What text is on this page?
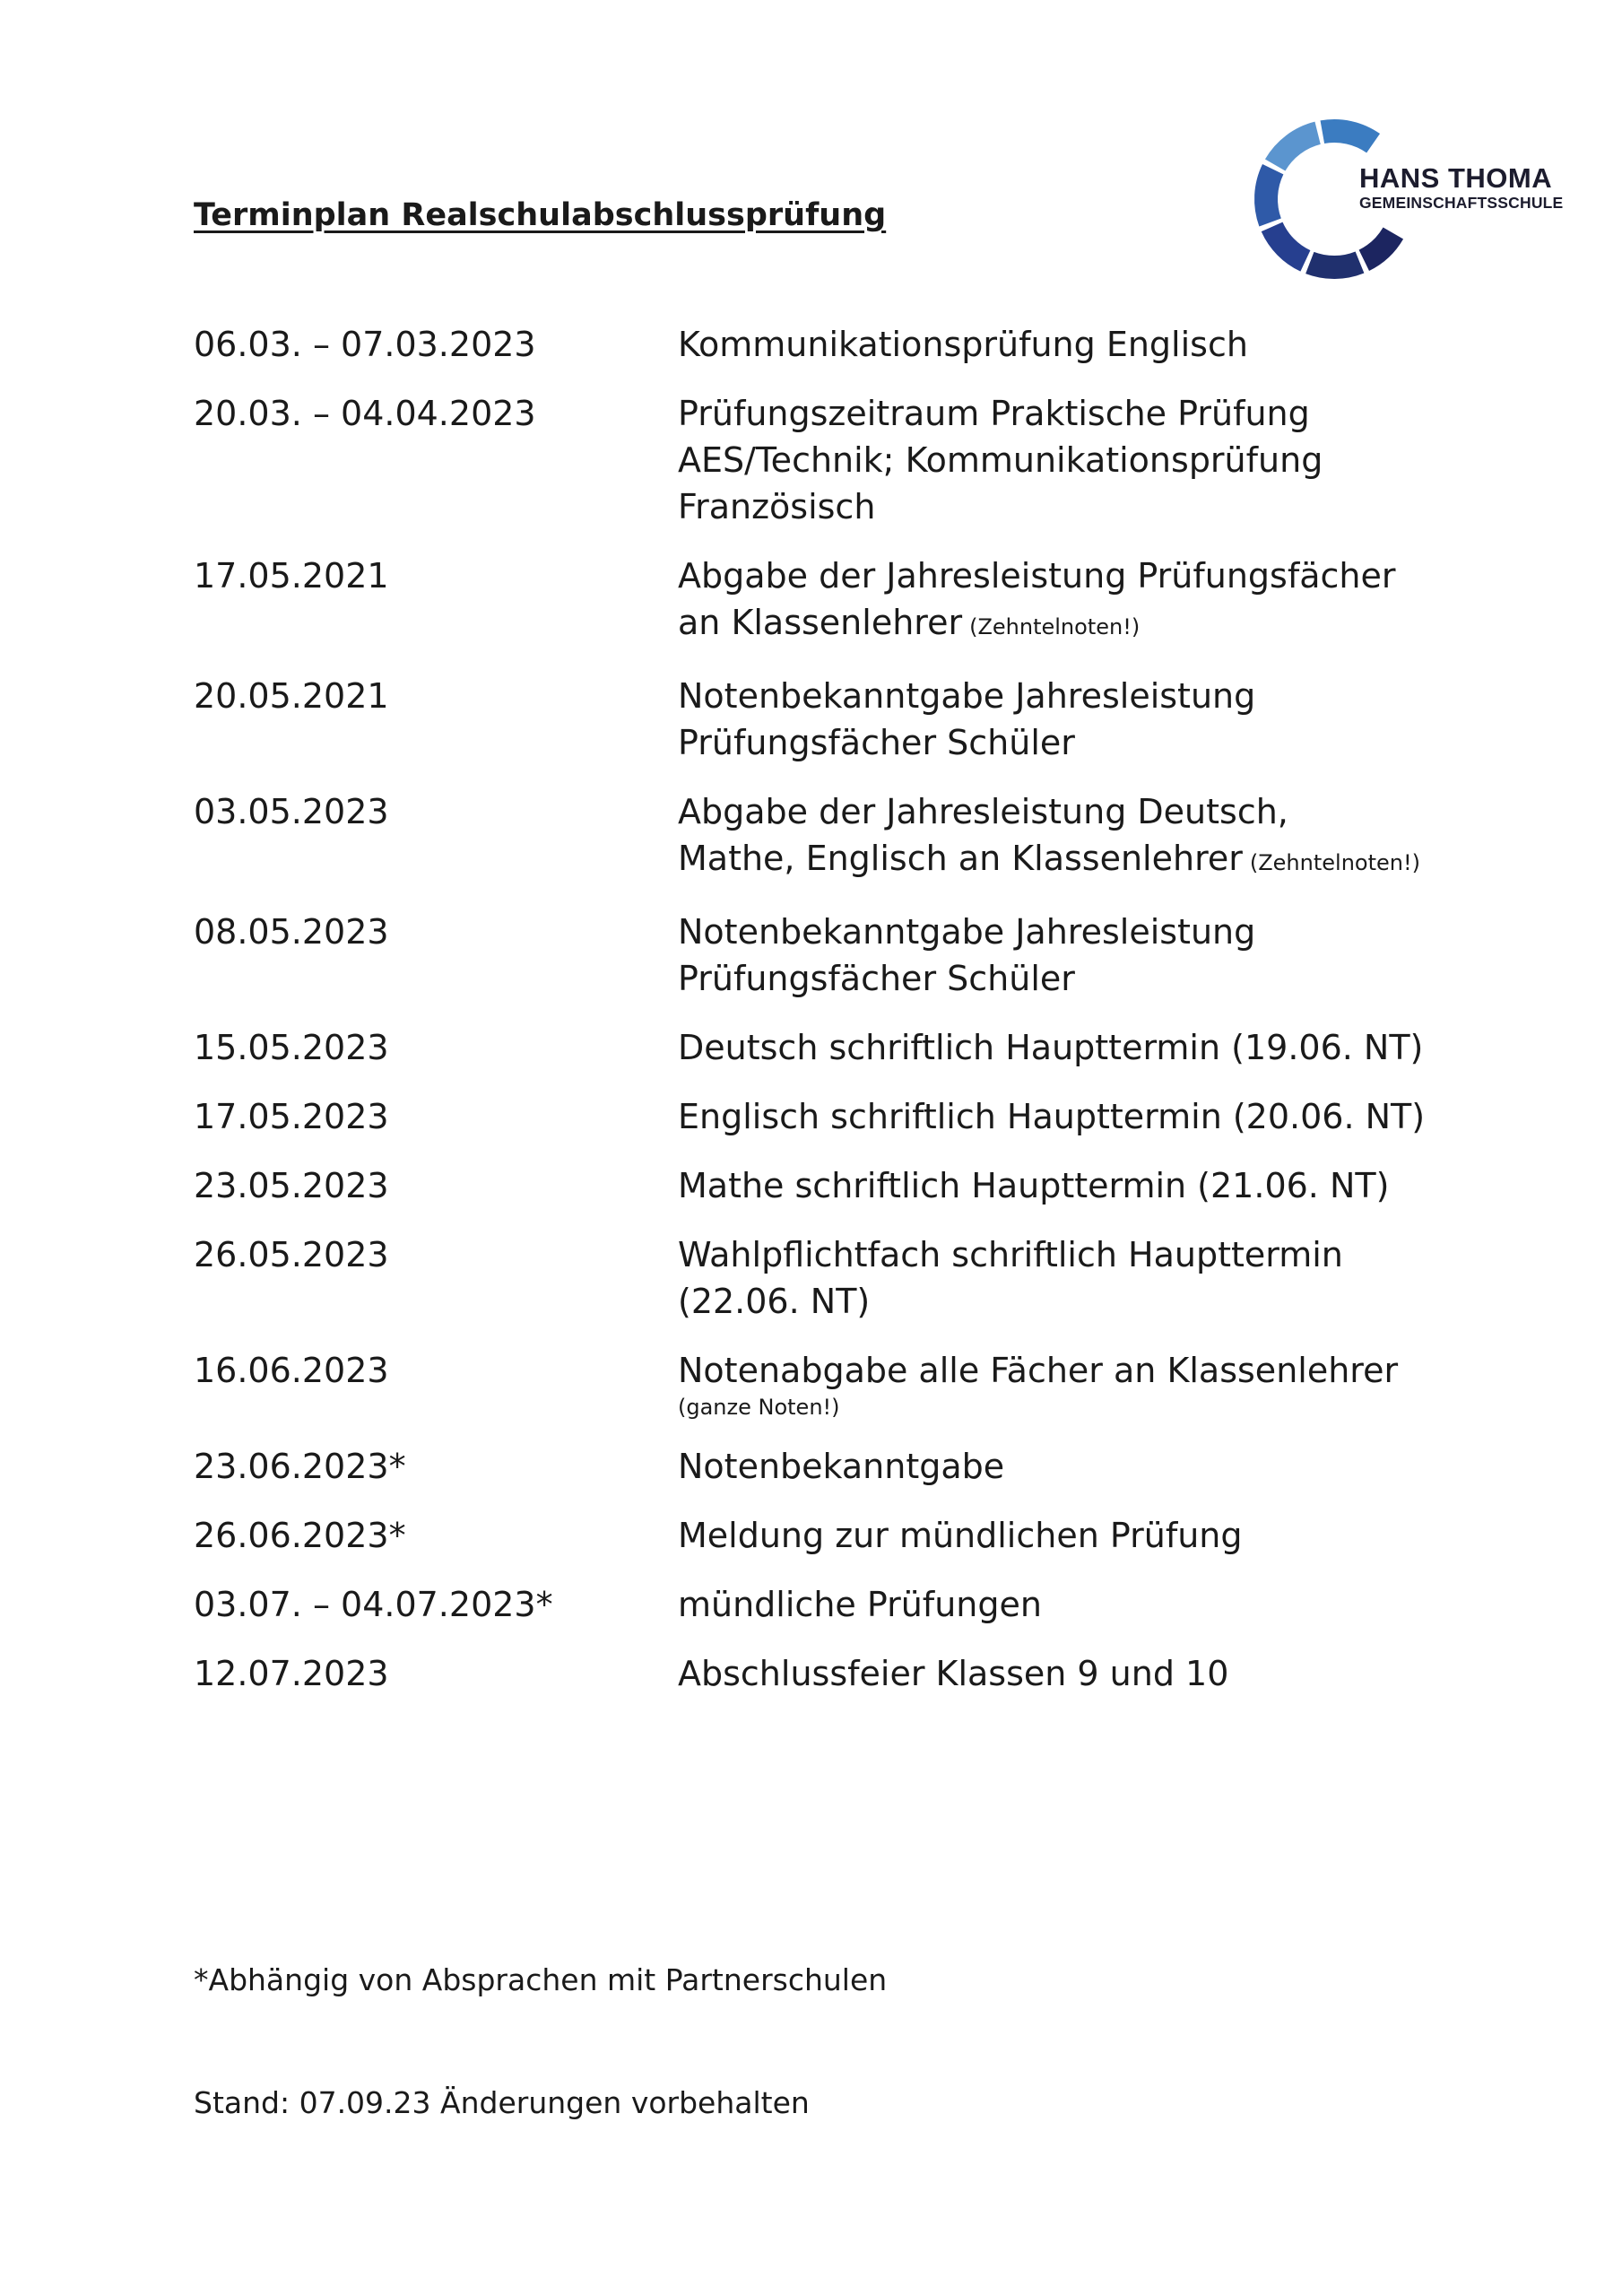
Terminplan Realschulabschlussprüfung
HANS THOMA
GEMEINSCHAFTSSCHULE
06.03. – 07.03.2023	Kommunikationsprüfung Englisch
20.03. – 04.04.2023	Prüfungszeitraum Praktische Prüfung
AES/Technik; Kommunikationsprüfung
Französisch
17.05.2021	Abgabe der Jahresleistung Prüfungsfächer
an Klassenlehrer (Zehntelnoten!)
20.05.2021	Notenbekanntgabe Jahresleistung
Prüfungsfächer Schüler
03.05.2023	Abgabe der Jahresleistung Deutsch,
Mathe, Englisch an Klassenlehrer (Zehntelnoten!)
08.05.2023	Notenbekanntgabe Jahresleistung
Prüfungsfächer Schüler
15.05.2023	Deutsch schriftlich Haupttermin (19.06. NT)
17.05.2023	Englisch schriftlich Haupttermin (20.06. NT)
23.05.2023	Mathe schriftlich Haupttermin (21.06. NT)
26.05.2023	Wahlpflichtfach schriftlich Haupttermin
(22.06. NT)
16.06.2023	Notenabgabe alle Fächer an Klassenlehrer
(ganze Noten!)
23.06.2023*	Notenbekanntgabe
26.06.2023*	Meldung zur mündlichen Prüfung
03.07. – 04.07.2023*	mündliche Prüfungen
12.07.2023	Abschlussfeier Klassen 9 und 10
*Abhängig von Absprachen mit Partnerschulen
Stand: 07.09.23 Änderungen vorbehalten
